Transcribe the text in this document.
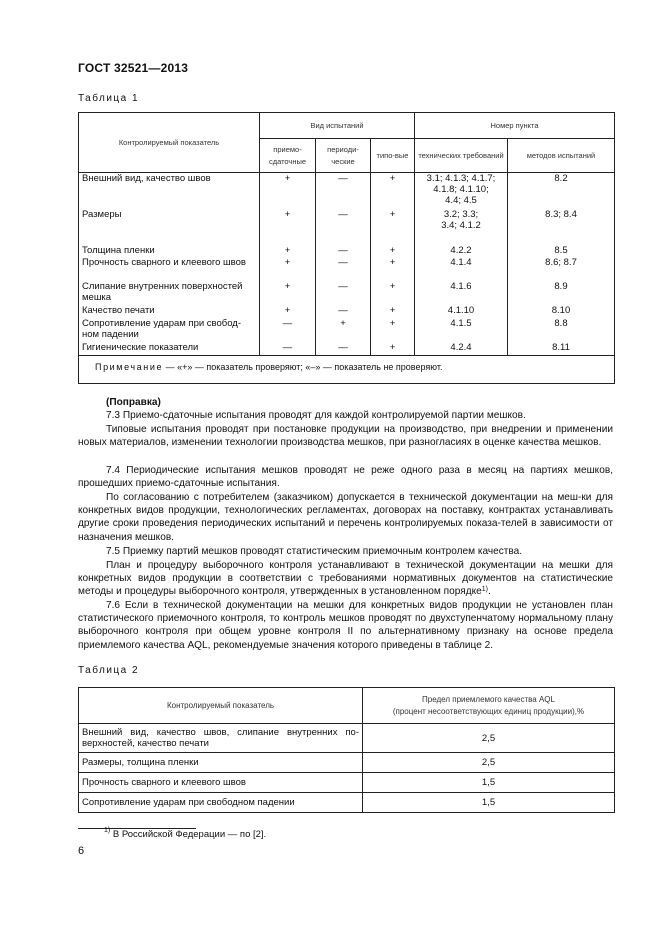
ГОСТ 32521—2013
Таблица 1
Контролируемый показатель	Вид испытаний			Номер пункта	
	приемо-сдаточные	периоди-ческие	типо-вые	технических требований	методов испытаний
Внешний вид, качество швов	+	—	+	3.1; 4.1.3; 4.1.7; 4.1.8; 4.1.10; 4.4; 4.5	8.2
Размеры	+	—	+	3.2; 3.3; 3.4; 4.1.2	8.3; 8.4
Толщина пленки	+	—	+	4.2.2	8.5
Прочность сварного и клеевого швов	+	—	+	4.1.4	8.6; 8.7
Слипание внутренних поверхностей мешка	+	—	+	4.1.6	8.9
Качество печати	+	—	+	4.1.10	8.10
Сопротивление ударам при свобод-ном падении	—	+	+	4.1.5	8.8
Гигиенические показатели	—	—	+	4.2.4	8.11
Примечание — «+» — показатель проверяют; «–» — показатель не проверяют.					
(Поправка)
7.3 Приемо-сдаточные испытания проводят для каждой контролируемой партии мешков.
Типовые испытания проводят при постановке продукции на производство, при внедрении и применении новых материалов, изменении технологии производства мешков, при разногласиях в оценке качества мешков.
7.4 Периодические испытания мешков проводят не реже одного раза в месяц на партиях мешков, прошедших приемо-сдаточные испытания.
По согласованию с потребителем (заказчиком) допускается в технической документации на меш-ки для конкретных видов продукции, технологических регламентах, договорах на поставку, контрактах устанавливать другие сроки проведения периодических испытаний и перечень контролируемых показа-телей в зависимости от назначения мешков.
7.5 Приемку партий мешков проводят статистическим приемочным контролем качества.
План и процедуру выборочного контроля устанавливают в технической документации на мешки для конкретных видов продукции в соответствии с требованиями нормативных документов на статистические методы и процедуры выборочного контроля, утвержденных в установленном порядке$^{1)}$.
7.6 Если в технической документации на мешки для конкретных видов продукции не установлен план статистического приемочного контроля, то контроль мешков проводят по двухступенчатому нормальному плану выборочного контроля при общем уровне контроля II по альтернативному признаку на основе предела приемлемого качества AQL, рекомендуемые значения которого приведены в таблице 2.
Таблица 2
Контролируемый показатель	Предел приемлемого качества AQL
(процент несоответствующих единиц продукции),%

Внешний вид, качество швов, слипание внутренних по-верхностей, качество печати	2,5
Размеры, толщина пленки	2,5
Прочность сварного и клеевого швов	1,5
Сопротивление ударам при свободном падении	1,5
$^{1)}$ В Российской Федерации — по [2].
6
